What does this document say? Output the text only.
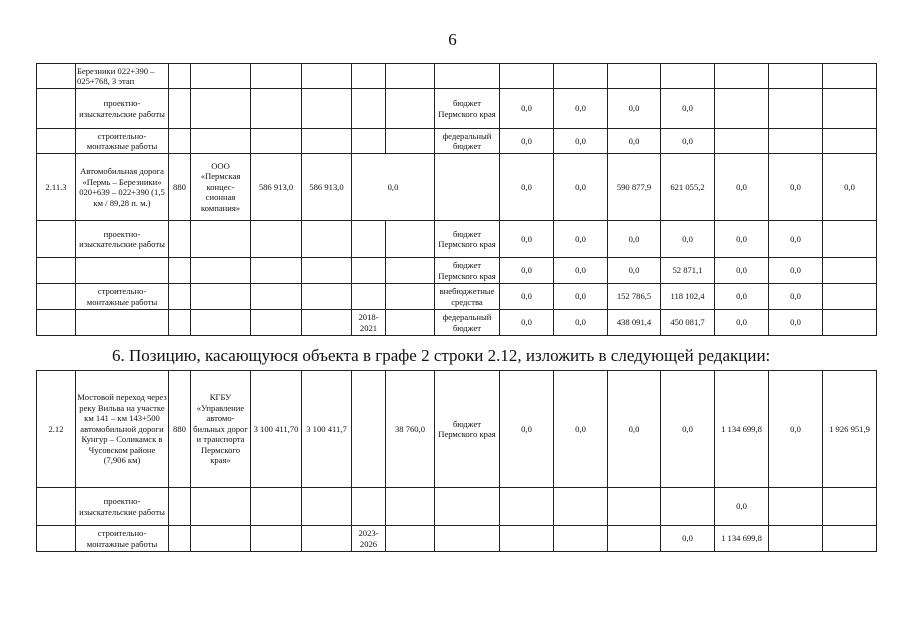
6
	Березники 022+390 – 025+768, 3 этап														
	проектно-изыскательские работы							бюджет Пермского края	0,0	0,0	0,0	0,0			
	строительно-монтажные работы							федеральный бюджет	0,0	0,0	0,0	0,0			
2.11.3	Автомобильная дорога «Пермь – Березники» 020+639 – 022+390 (1,5 км / 89,28 п. м.)	880	ООО «Пермская концес-сионная компания»	586 913,0	586 913,0	0,0			0,0	0,0	590 877,9	621 055,2	0,0	0,0	0,0
	проектно-изыскательские работы							бюджет Пермского края	0,0	0,0	0,0	0,0	0,0	0,0	
								бюджет Пермского края	0,0	0,0	0,0	52 871,1	0,0	0,0	
	строительно-монтажные работы							внебюджетные средства	0,0	0,0	152 786,5	118 102,4	0,0	0,0	
						2018-2021		федеральный бюджет	0,0	0,0	438 091,4	450 081,7	0,0	0,0	
6. Позицию, касающуюся объекта в графе 2 строки 2.12, изложить в следующей редакции:
2.12	Мостовой переход через реку Вильва на участке км 141 – км 143+500 автомобильной дороги Кунгур – Соликамск в Чусовском районе (7,906 км)	880	КГБУ «Управление автомо-бильных дорог и транспорта Пермского края»	3 100 411,70	3 100 411,7		38 760,0	бюджет Пермского края	0,0	0,0	0,0	0,0	1 134 699,8	0,0	1 926 951,9
	проектно-изыскательские работы												0,0		
	строительно-монтажные работы					2023-2026						0,0	1 134 699,8		
